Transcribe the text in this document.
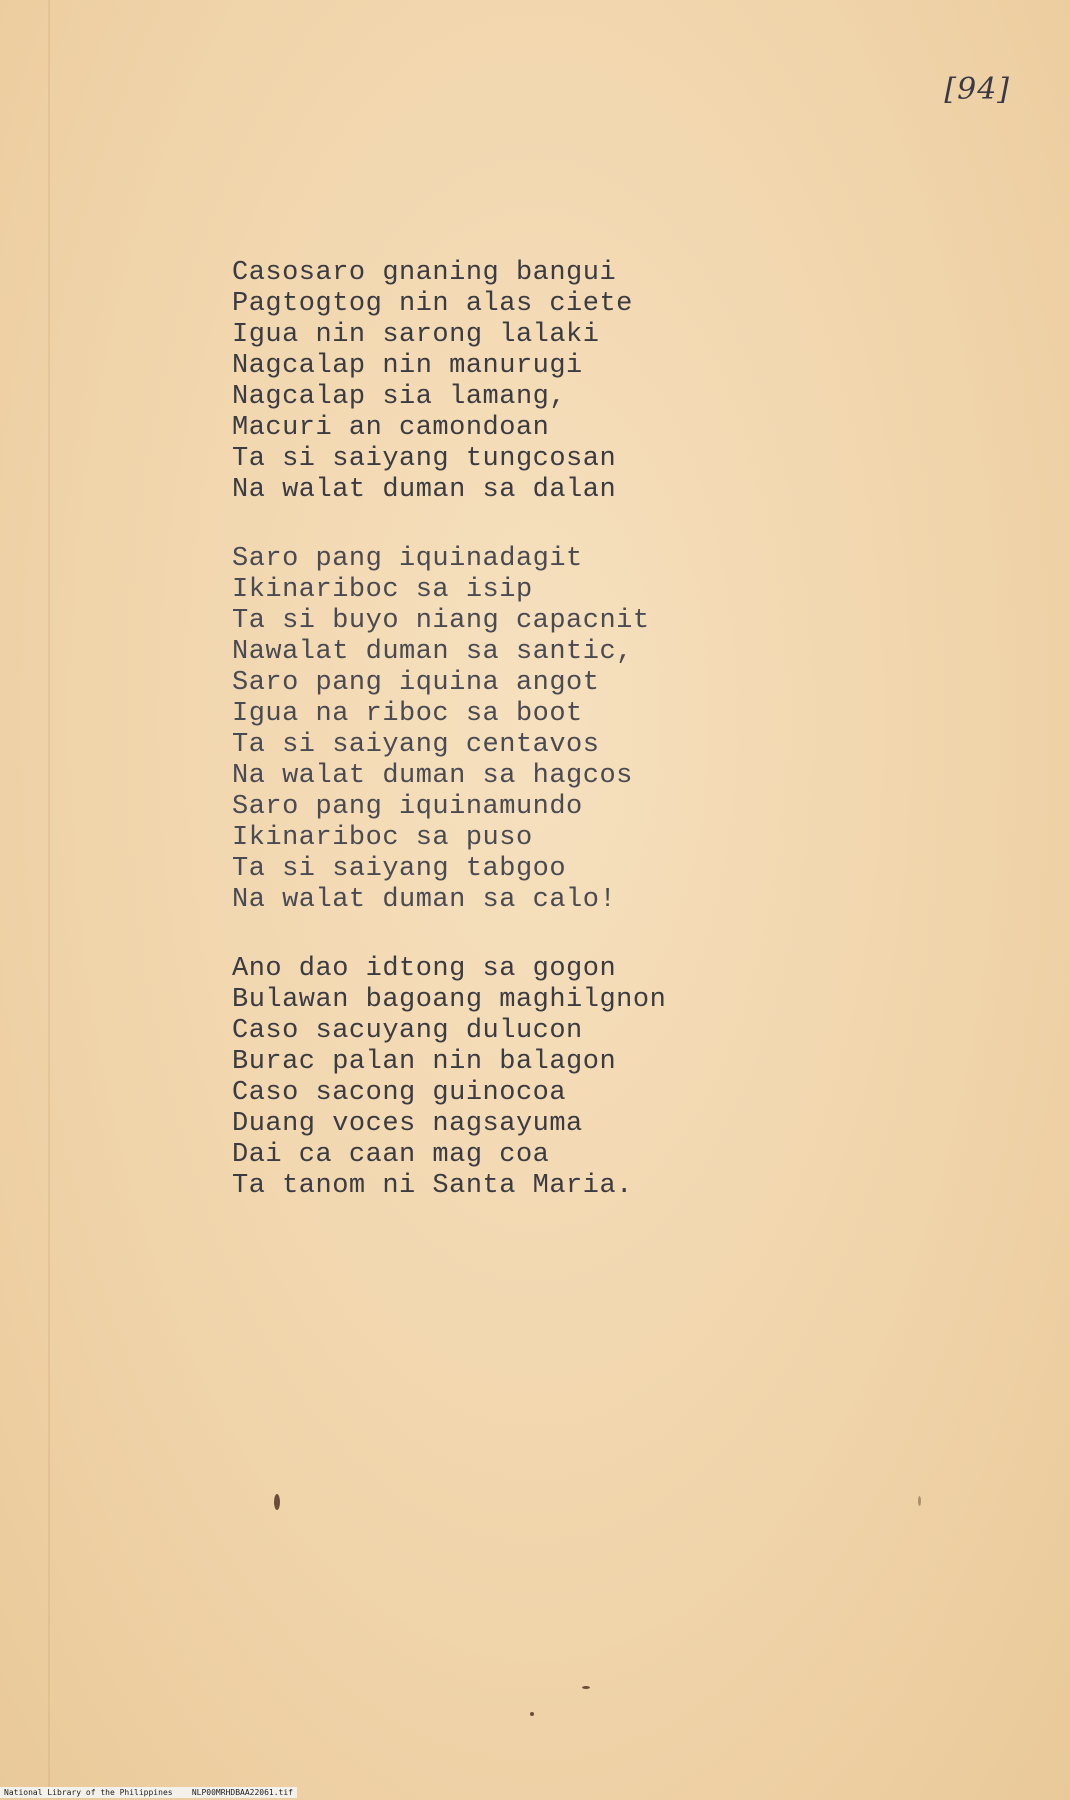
[94]
Casosaro gnaning bangui
Pagtogtog nin alas ciete
Igua nin sarong lalaki
Nagcalap nin manurugi
Nagcalap sia lamang,
Macuri an camondoan
Ta si saiyang tungcosan
Na walat duman sa dalan
Saro pang iquinadagit
Ikinariboc sa isip
Ta si buyo niang capacnit
Nawalat duman sa santic,
Saro pang iquina angot
Igua na riboc sa boot
Ta si saiyang centavos
Na walat duman sa hagcos
Saro pang iquinamundo
Ikinariboc sa puso
Ta si saiyang tabgoo
Na walat duman sa calo!
Ano dao idtong sa gogon
Bulawan bagoang maghilgnon
Caso sacuyang dulucon
Burac palan nin balagon
Caso sacong guinocoa
Duang voces nagsayuma
Dai ca caan mag coa
Ta tanom ni Santa Maria.
National Library of the Philippines NLP00MRHDBAA22061.tif
